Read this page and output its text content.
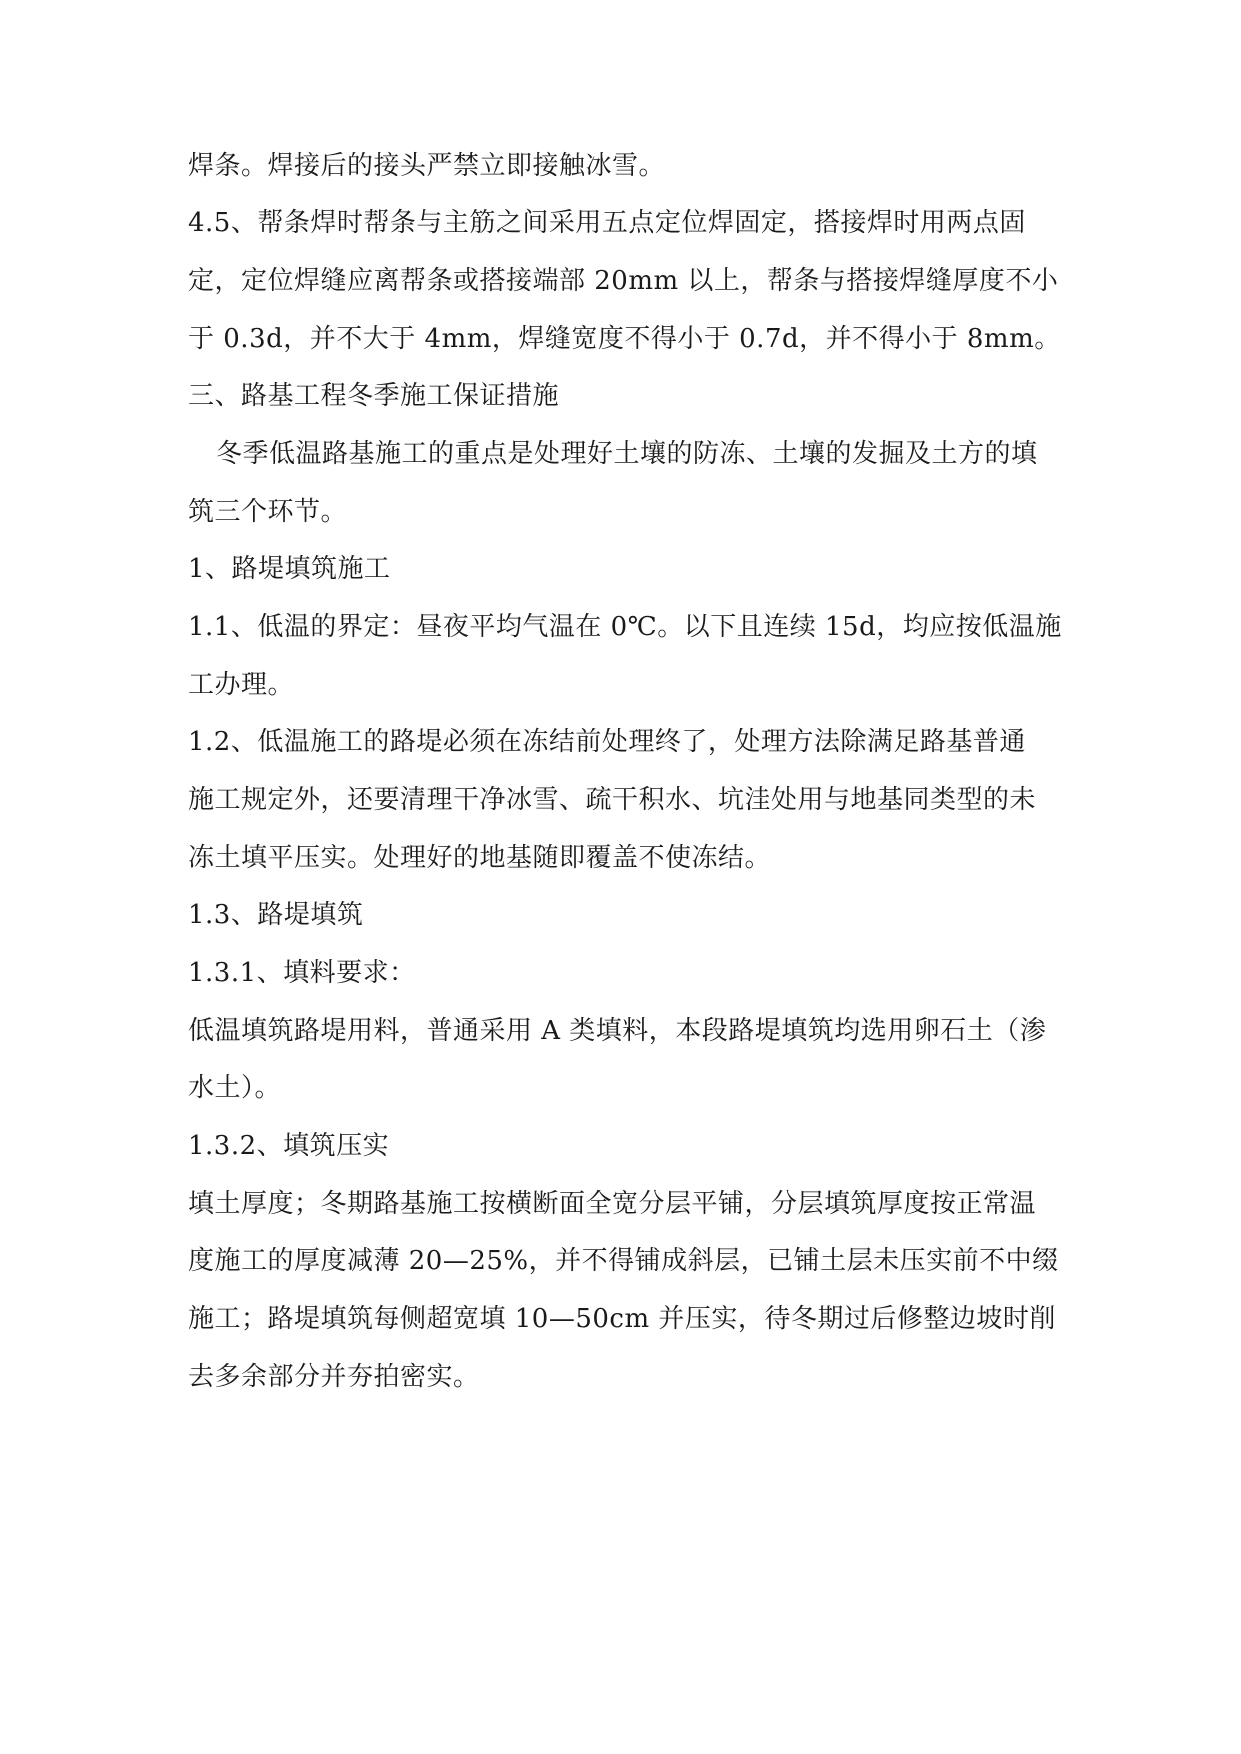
焊条。焊接后的接头严禁立即接触冰雪。

4.5、帮条焊时帮条与主筋之间采用五点定位焊固定，搭接焊时用两点固

定，定位焊缝应离帮条或搭接端部 20mm 以上，帮条与搭接焊缝厚度不小

于 0.3d，并不大于 4mm，焊缝宽度不得小于 0.7d，并不得小于 8mm。

三、路基工程冬季施工保证措施

冬季低温路基施工的重点是处理好土壤的防冻、土壤的发掘及土方的填

筑三个环节。

1、路堤填筑施工

1.1、低温的界定：昼夜平均气温在 0℃。以下且连续 15d，均应按低温施

工办理。

1.2、低温施工的路堤必须在冻结前处理终了，处理方法除满足路基普通

施工规定外，还要清理干净冰雪、疏干积水、坑洼处用与地基同类型的未

冻土填平压实。处理好的地基随即覆盖不使冻结。

1.3、路堤填筑

1.3.1、填料要求：

低温填筑路堤用料，普通采用 A 类填料，本段路堤填筑均选用卵石土（渗

水土）。

1.3.2、填筑压实

填土厚度；冬期路基施工按横断面全宽分层平铺，分层填筑厚度按正常温

度施工的厚度减薄 20—25%，并不得铺成斜层，已铺土层未压实前不中缀

施工；路堤填筑每侧超宽填 10—50cm 并压实，待冬期过后修整边坡时削

去多余部分并夯拍密实。
